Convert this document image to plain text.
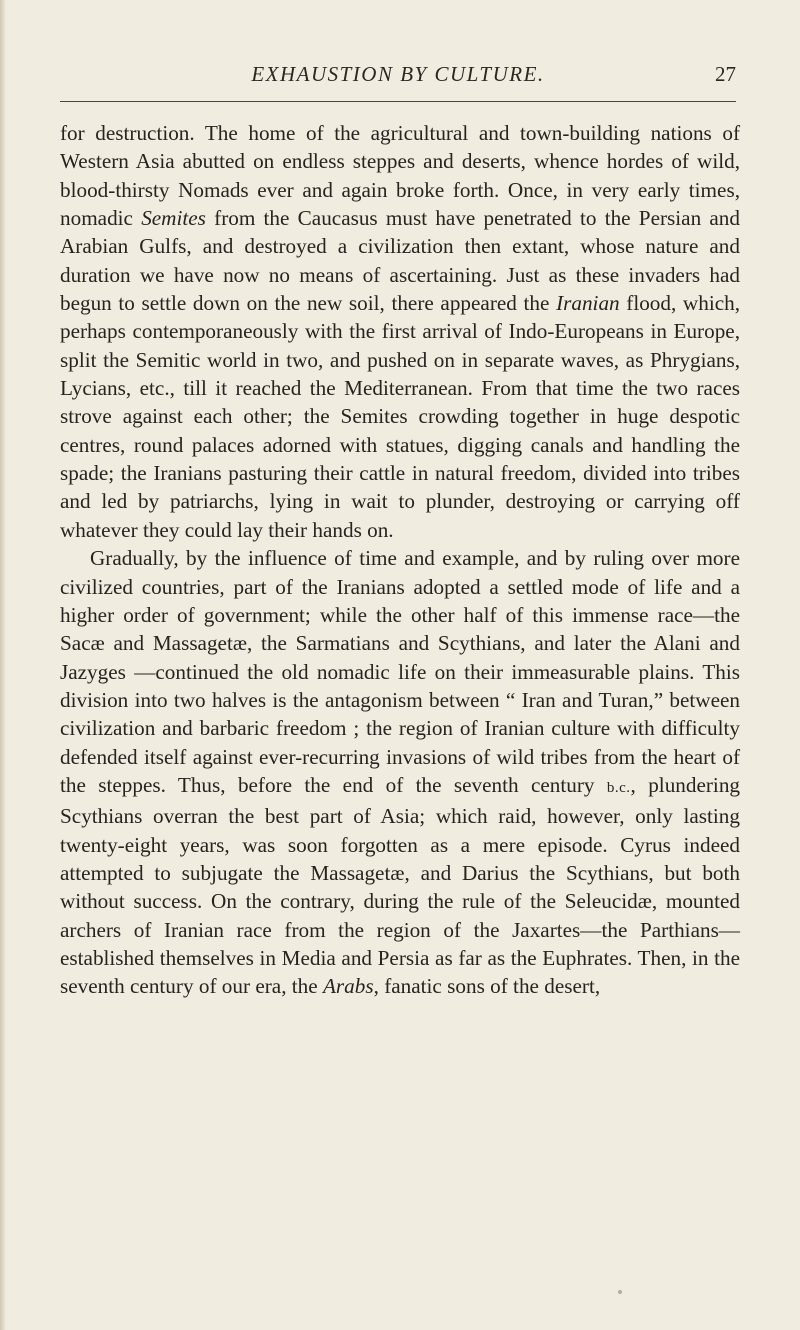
EXHAUSTION BY CULTURE.	27

for destruction. The home of the agricultural and town-building nations of Western Asia abutted on endless steppes and deserts, whence hordes of wild, blood-thirsty Nomads ever and again broke forth. Once, in very early times, nomadic Semites from the Caucasus must have penetrated to the Persian and Arabian Gulfs, and destroyed a civilization then extant, whose nature and duration we have now no means of ascertaining. Just as these invaders had begun to settle down on the new soil, there appeared the Iranian flood, which, perhaps contemporaneously with the first arrival of Indo-Europeans in Europe, split the Semitic world in two, and pushed on in separate waves, as Phrygians, Lycians, etc., till it reached the Mediterranean. From that time the two races strove against each other; the Semites crowding together in huge despotic centres, round palaces adorned with statues, digging canals and handling the spade; the Iranians pasturing their cattle in natural freedom, divided into tribes and led by patriarchs, lying in wait to plunder, destroying or carrying off whatever they could lay their hands on.

Gradually, by the influence of time and example, and by ruling over more civilized countries, part of the Iranians adopted a settled mode of life and a higher order of government; while the other half of this immense race—the Sacæ and Massagetæ, the Sarmatians and Scythians, and later the Alani and Jazyges —continued the old nomadic life on their immeasurable plains. This division into two halves is the antagonism between “ Iran and Turan,” between civilization and barbaric freedom ; the region of Iranian culture with difficulty defended itself against ever-recurring invasions of wild tribes from the heart of the steppes. Thus, before the end of the seventh century b.c., plundering Scythians overran the best part of Asia; which raid, however, only lasting twenty-eight years, was soon forgotten as a mere episode. Cyrus indeed attempted to subjugate the Massagetæ, and Darius the Scythians, but both without success. On the contrary, during the rule of the Seleucidæ, mounted archers of Iranian race from the region of the Jaxartes—the Parthians—established themselves in Media and Persia as far as the Euphrates. Then, in the seventh century of our era, the Arabs, fanatic sons of the desert,
